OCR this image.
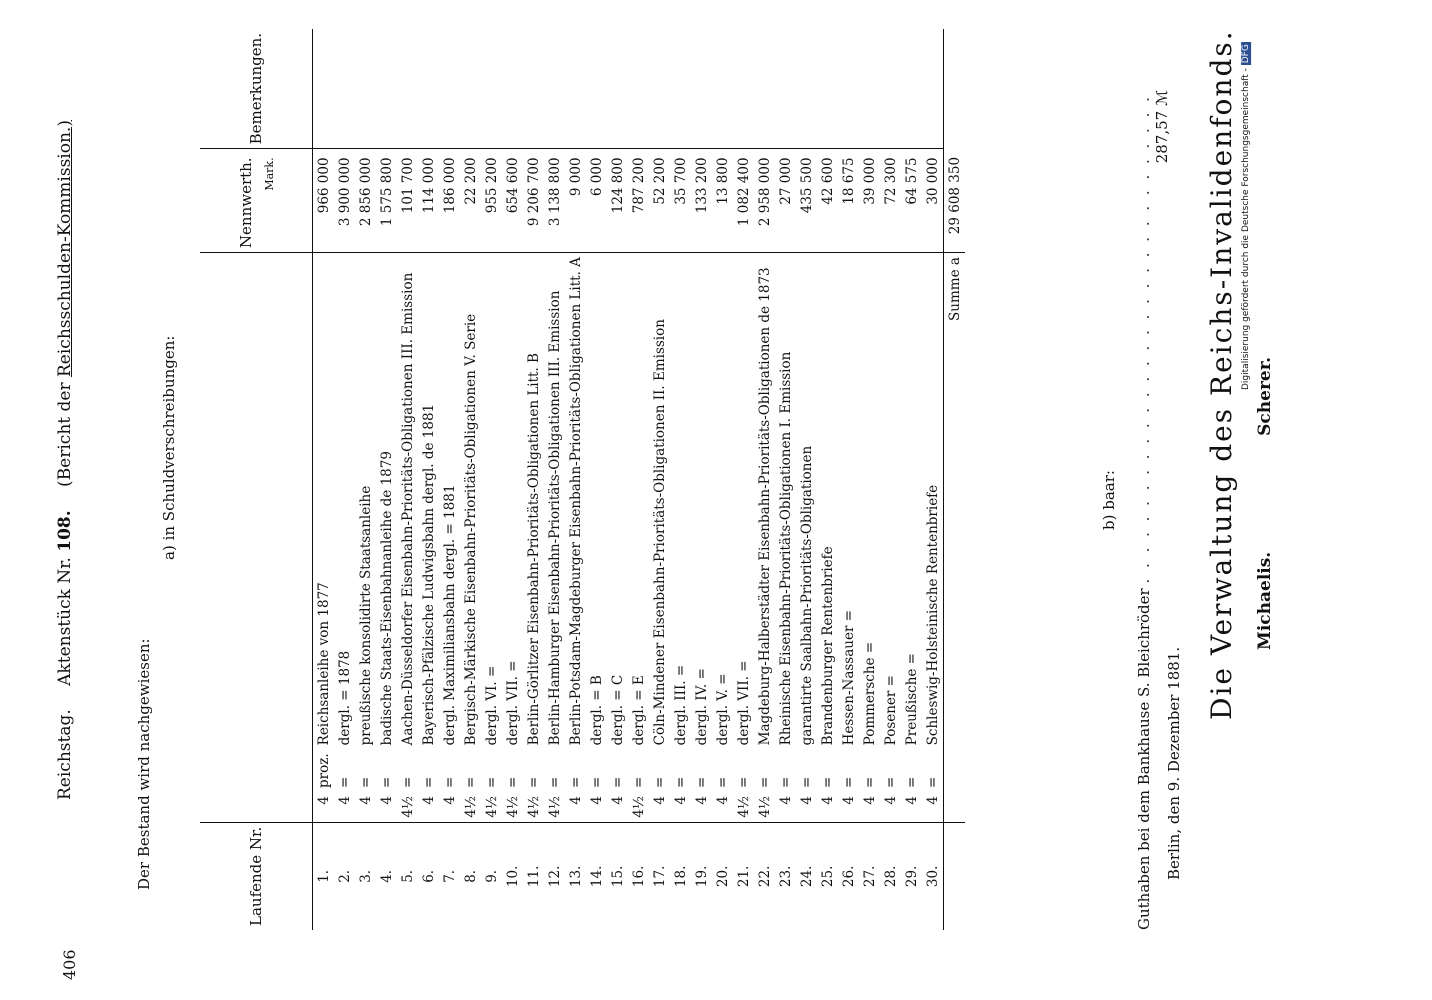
406
Reichstag. Aktenstück Nr. 108. (Bericht der Reichsschulden-Kommission.)
Der Bestand wird nachgewiesen:
a) in Schuldverschreibungen:
Laufende Nr.				Nennwerth. Mark.	Bemerkungen.
1.	4	proz.	Reichsanleihe von 1877	966 000	
2.	4	=	dergl. = 1878	3 900 000	
3.	4	=	preußische konsolidirte Staatsanleihe	2 856 000	
4.	4	=	badische Staats-Eisenbahnanleihe de 1879	1 575 800	
5.	4½	=	Aachen-Düsseldorfer Eisenbahn-Prioritäts-Obligationen III. Emission	101 700	
6.	4	=	Bayerisch-Pfälzische Ludwigsbahn dergl. de 1881	114 000	
7.	4	=	dergl. Maximiliansbahn dergl. = 1881	186 000	
8.	4½	=	Bergisch-Märkische Eisenbahn-Prioritäts-Obligationen V. Serie	22 200	
9.	4½	=	dergl. VI. =	955 200	
10.	4½	=	dergl. VII. =	654 600	
11.	4½	=	Berlin-Görlitzer Eisenbahn-Prioritäts-Obligationen Litt. B	9 206 700	
12.	4½	=	Berlin-Hamburger Eisenbahn-Prioritäts-Obligationen III. Emission	3 138 800	
13.	4	=	Berlin-Potsdam-Magdeburger Eisenbahn-Prioritäts-Obligationen Litt. A	9 000	
14.	4	=	dergl. = B	6 000	
15.	4	=	dergl. = C	124 800	
16.	4½	=	dergl. = E	787 200	
17.	4	=	Cöln-Mindener Eisenbahn-Prioritäts-Obligationen II. Emission	52 200	
18.	4	=	dergl. III. =	35 700	
19.	4	=	dergl. IV. =	133 200	
20.	4	=	dergl. V. =	13 800	
21.	4½	=	dergl. VII. =	1 082 400	
22.	4½	=	Magdeburg-Halberstädter Eisenbahn-Prioritäts-Obligationen de 1873	2 958 000	
23.	4	=	Rheinische Eisenbahn-Prioritäts-Obligationen I. Emission	27 000	
24.	4	=	garantirte Saalbahn-Prioritäts-Obligationen	435 500	
25.	4	=	Brandenburger Rentenbriefe	42 600	
26.	4	=	Hessen-Nassauer =	18 675	
27.	4	=	Pommersche =	39 000	
28.	4	=	Posener =	72 300	
29.	4	=	Preußische =	64 575	
30.	4	=	Schleswig-Holsteinische Rentenbriefe	30 000	
			Summe a	29 608 350	
b) baar:
Guthaben bei dem Bankhause S. Bleichröder . . . . . . . . . . . . . . . . . . . . . . . . . . . . . . . . 287,57 ℳ
Berlin, den 9. Dezember 1881.
Die Verwaltung des Reichs-Invalidenfonds. Michaelis. Scherer.
Digitalisierung gefördert durch die Deutsche Forschungsgemeinschaft - DFG
